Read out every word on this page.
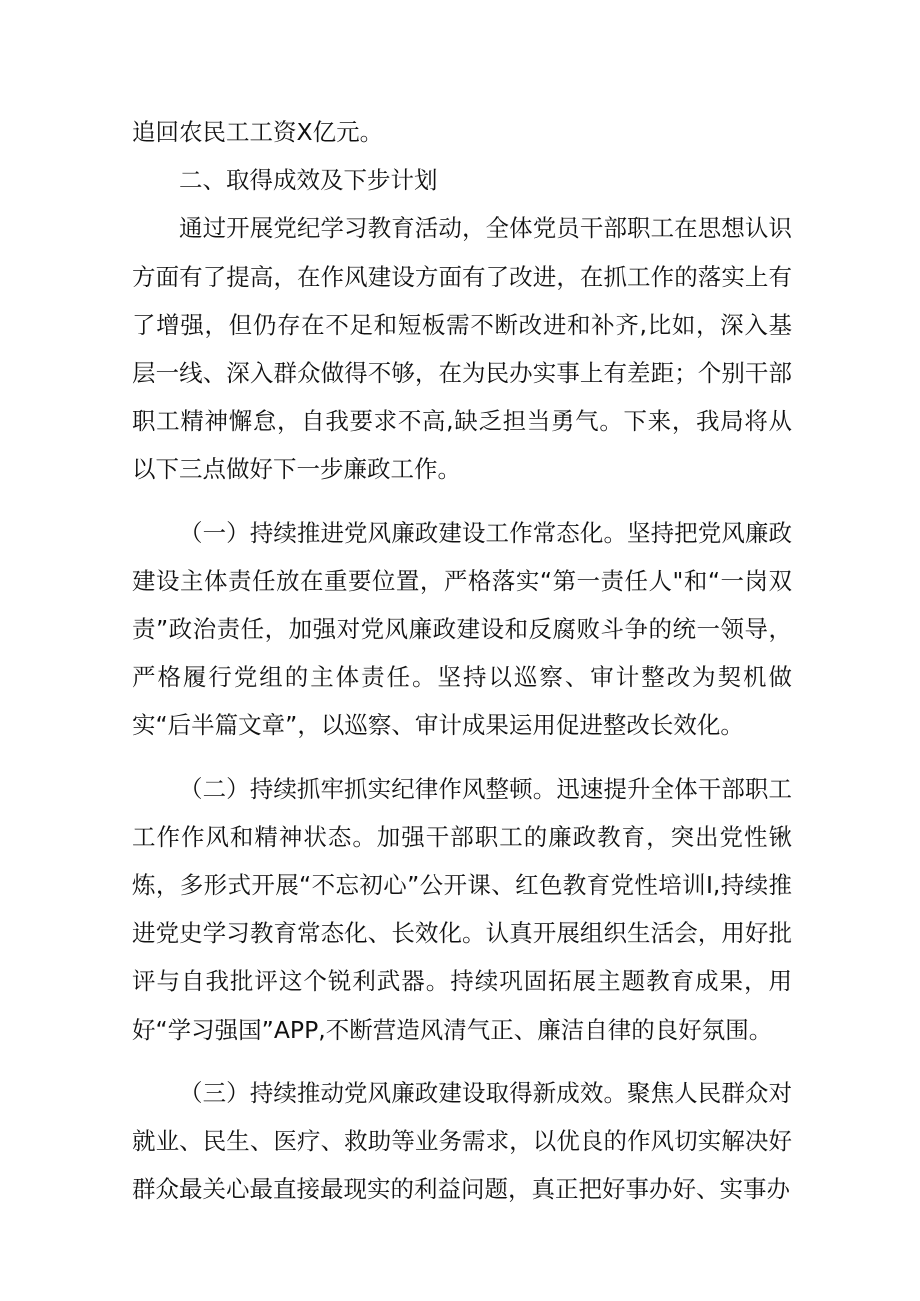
追回农民工工资X亿元。

二、取得成效及下步计划

通过开展党纪学习教育活动，全体党员干部职工在思想认识方面有了提高，在作风建设方面有了改进，在抓工作的落实上有了增强，但仍存在不足和短板需不断改进和补齐,比如，深入基层一线、深入群众做得不够，在为民办实事上有差距；个别干部职工精神懈怠，自我要求不高,缺乏担当勇气。下来，我局将从以下三点做好下一步廉政工作。

（一）持续推进党风廉政建设工作常态化。坚持把党风廉政建设主体责任放在重要位置，严格落实“第一责任人"和“一岗双责”政治责任，加强对党风廉政建设和反腐败斗争的统一领导，严格履行党组的主体责任。坚持以巡察、审计整改为契机做实“后半篇文章”，以巡察、审计成果运用促进整改长效化。

（二）持续抓牢抓实纪律作风整顿。迅速提升全体干部职工工作作风和精神状态。加强干部职工的廉政教育，突出党性锹炼，多形式开展“不忘初心”公开课、红色教育党性培训I,持续推进党史学习教育常态化、长效化。认真开展组织生活会，用好批评与自我批评这个锐利武器。持续巩固拓展主题教育成果，用好“学习强国”APP,不断营造风清气正、廉洁自律的良好氛围。

（三）持续推动党风廉政建设取得新成效。聚焦人民群众对就业、民生、医疗、救助等业务需求，以优良的作风切实解决好群众最关心最直接最现实的利益问题，真正把好事办好、实事办
